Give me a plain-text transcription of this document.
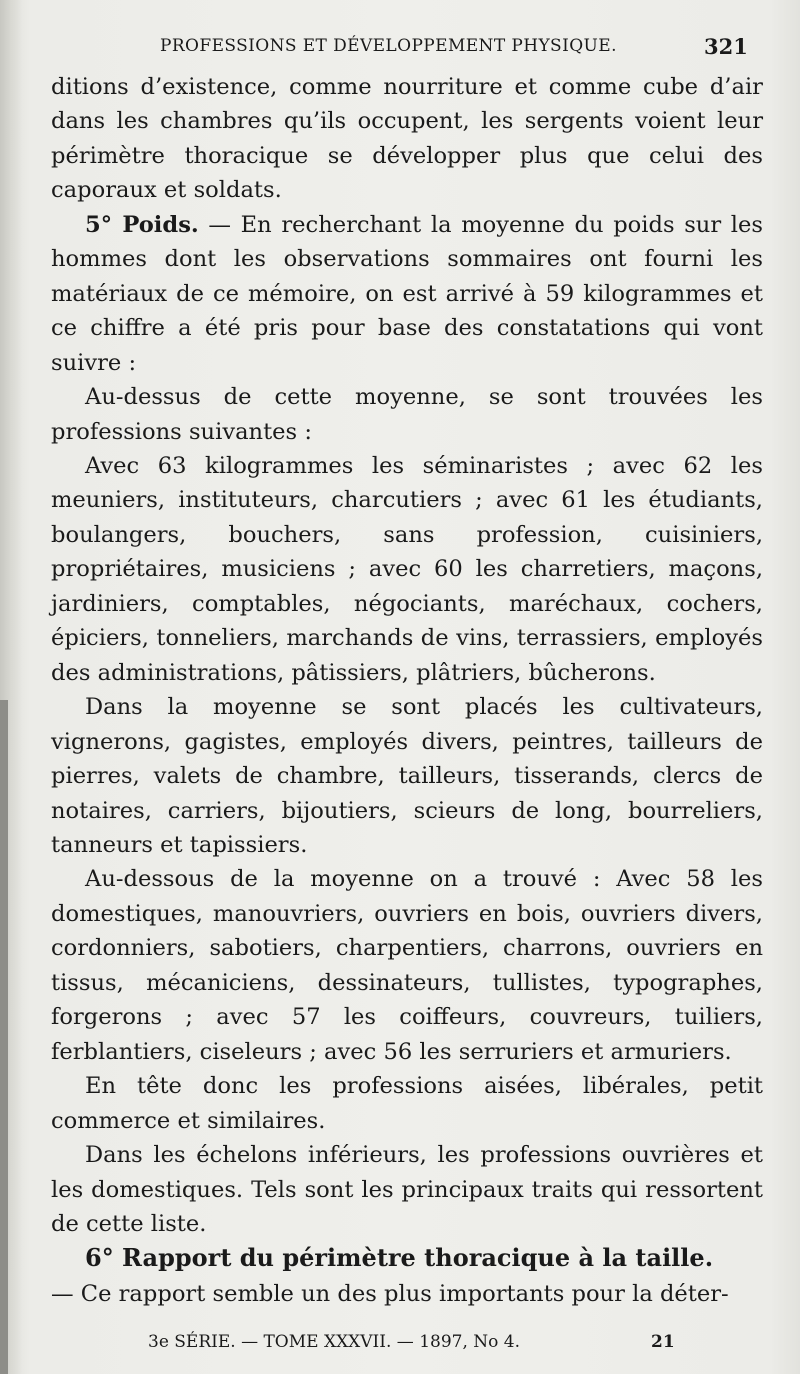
PROFESSIONS ET DÉVELOPPEMENT PHYSIQUE.	321

ditions d’existence, comme nourriture et comme cube d’air dans les chambres qu’ils occupent, les sergents voient leur périmètre thoracique se développer plus que celui des caporaux et soldats.

5° Poids. — En recherchant la moyenne du poids sur les hommes dont les observations sommaires ont fourni les matériaux de ce mémoire, on est arrivé à 59 kilogrammes et ce chiffre a été pris pour base des constatations qui vont suivre :

Au-dessus de cette moyenne, se sont trouvées les professions suivantes :

Avec 63 kilogrammes les séminaristes ; avec 62 les meuniers, instituteurs, charcutiers ; avec 61 les étudiants, boulangers, bouchers, sans profession, cuisiniers, propriétaires, musiciens ; avec 60 les charretiers, maçons, jardiniers, comptables, négociants, maréchaux, cochers, épiciers, tonneliers, marchands de vins, terrassiers, employés des administrations, pâtissiers, plâtriers, bûcherons.

Dans la moyenne se sont placés les cultivateurs, vignerons, gagistes, employés divers, peintres, tailleurs de pierres, valets de chambre, tailleurs, tisserands, clercs de notaires, carriers, bijoutiers, scieurs de long, bourreliers, tanneurs et tapissiers.

Au-dessous de la moyenne on a trouvé : Avec 58 les domestiques, manouvriers, ouvriers en bois, ouvriers divers, cordonniers, sabotiers, charpentiers, charrons, ouvriers en tissus, mécaniciens, dessinateurs, tullistes, typographes, forgerons ; avec 57 les coiffeurs, couvreurs, tuiliers, ferblantiers, ciseleurs ; avec 56 les serruriers et armuriers.

En tête donc les professions aisées, libérales, petit commerce et similaires.

Dans les échelons inférieurs, les professions ouvrières et les domestiques. Tels sont les principaux traits qui ressortent de cette liste.

6° Rapport du périmètre thoracique à la taille.

— Ce rapport semble un des plus importants pour la déter-

3e SÉRIE. — TOME XXXVII. — 1897, No 4.	21
